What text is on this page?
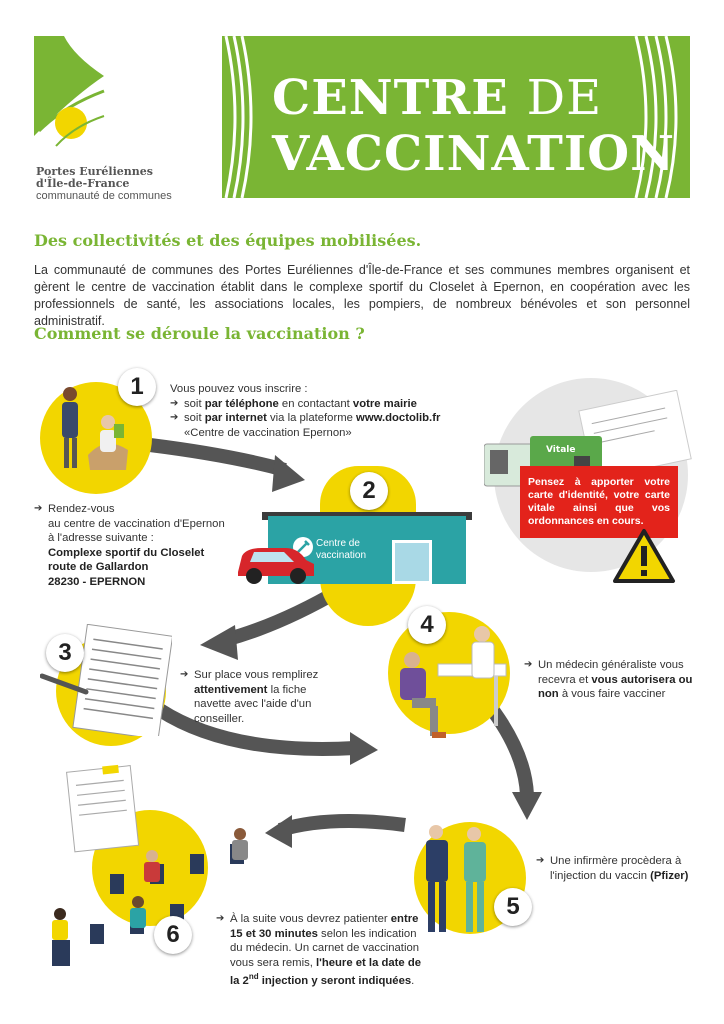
Portes Euréliennes
d'Île-de-France
communauté de communes
CENTRE DE
VACCINATION
Des collectivités et des équipes mobilisées.
La communauté de communes des Portes Euréliennes d'Île-de-France et ses communes membres organisent et gèrent le centre de vaccination établit dans le complexe sportif du Closelet à Epernon, en coopération avec les professionnels de santé, les associations locales, les pompiers, de nombreux bénévoles et son personnel administratif.
Comment se déroule la vaccination ?
1	Vous pouvez vous inscrire :
➔ soit par téléphone en contactant votre mairie
➔ soit par internet via la plateforme www.doctolib.fr
«Centre de vaccination Epernon»
Vitale
Pensez à apporter votre carte d'identité, votre carte vitale ainsi que vos ordonnances en cours.
➔ Rendez-vous
au centre de vaccination d'Epernon
à l'adresse suivante :
Complexe sportif du Closelet
route de Gallardon
28230 - EPERNON
Centre de
vaccination
2
3
➔ Sur place vous remplirez attentivement la fiche navette avec l'aide d'un conseiller.
4
➔ Un médecin généraliste vous recevra et vous autorisera ou non à vous faire vacciner
5
➔ Une infirmère procèdera à l'injection du vaccin (Pfizer)
6
➔ À la suite vous devrez patienter entre 15 et 30 minutes selon les indication du médecin. Un carnet de vaccination vous sera remis, l'heure et la date de la 2nd injection y seront indiquées.
